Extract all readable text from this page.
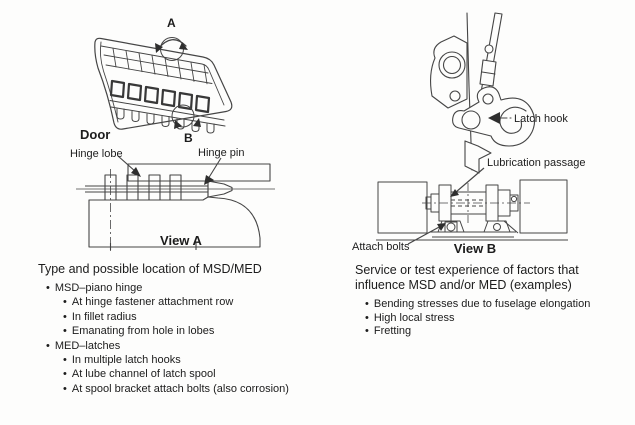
A
B
Door
Hinge lobe	Hinge pin
View A
Latch hook
Lubrication passage
Attach bolts	View B
Type and possible location of MSD/MED
• MSD–piano hinge
• At hinge fastener attachment row
• In fillet radius
• Emanating from hole in lobes
• MED–latches
• In multiple latch hooks
• At lube channel of latch spool
• At spool bracket attach bolts (also corrosion)
Service or test experience of factors that influence MSD and/or MED (examples)
• Bending stresses due to fuselage elongation
• High local stress
• Fretting
